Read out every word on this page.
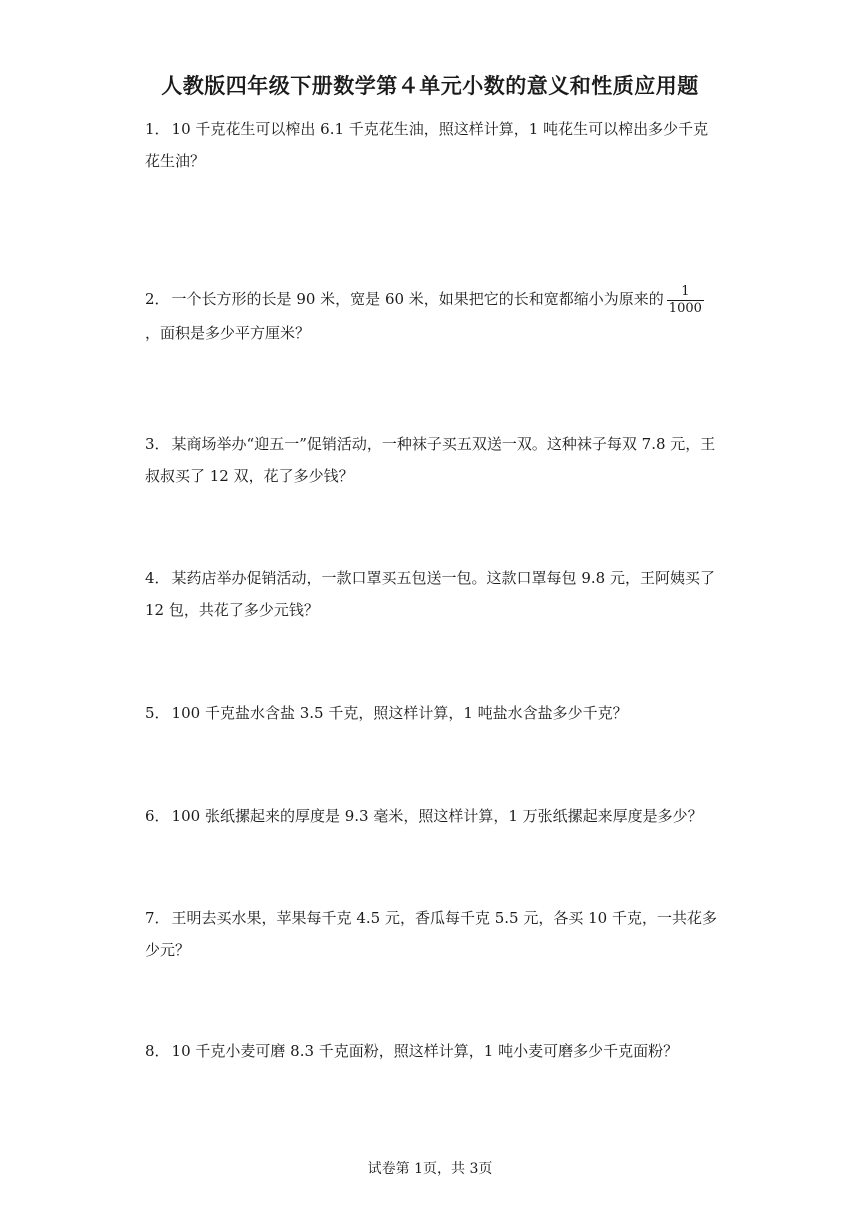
人教版四年级下册数学第４单元小数的意义和性质应用题
1． 10 千克花生可以榨出 6.1 千克花生油，照这样计算，1 吨花生可以榨出多少千克花生油？
2． 一个长方形的长是 90 米，宽是 60 米，如果把它的长和宽都缩小为原来的 $\frac{1}{1000}$
，面积是多少平方厘米？
3． 某商场举办“迎五一”促销活动，一种袜子买五双送一双。这种袜子每双 7.8 元，王叔叔买了 12 双，花了多少钱？
4． 某药店举办促销活动，一款口罩买五包送一包。这款口罩每包 9.8 元，王阿姨买了 12 包，共花了多少元钱？
5． 100 千克盐水含盐 3.5 千克，照这样计算，1 吨盐水含盐多少千克？
6． 100 张纸摞起来的厚度是 9.3 毫米，照这样计算，1 万张纸摞起来厚度是多少？
7． 王明去买水果，苹果每千克 4.5 元，香瓜每千克 5.5 元，各买 10 千克，一共花多少元？
8． 10 千克小麦可磨 8.3 千克面粉，照这样计算，1 吨小麦可磨多少千克面粉？
试卷第 1页，共 3页
